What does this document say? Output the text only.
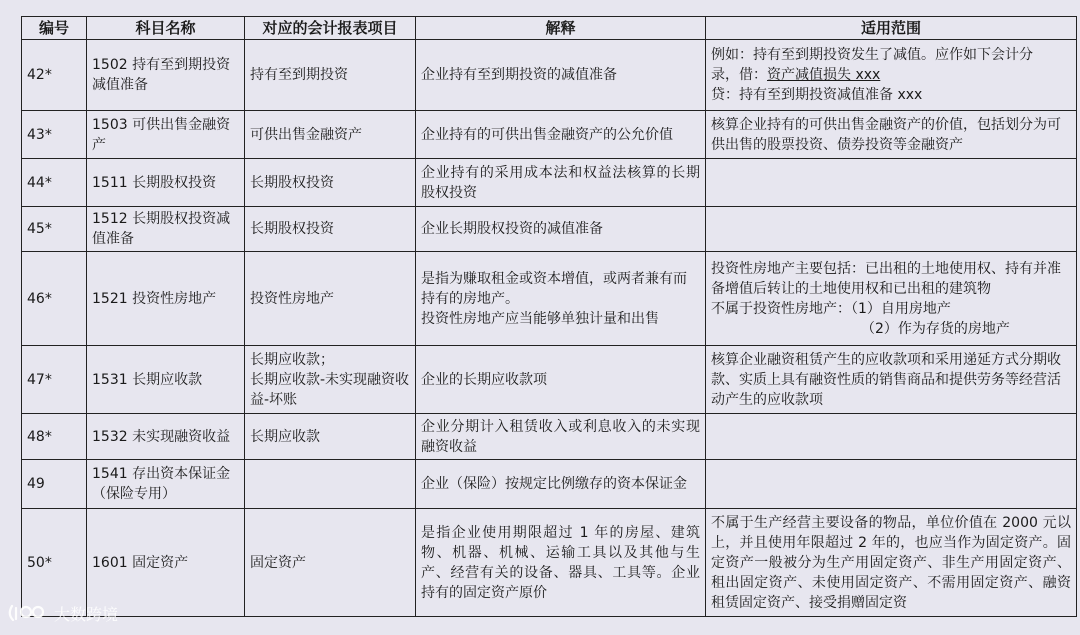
编号	科目名称	对应的会计报表项目	解释	适用范围
42*	1502 持有至到期投资减值准备	持有至到期投资	企业持有至到期投资的减值准备	例如：持有至到期投资发生了减值。应作如下会计分
录，借：资产减值损失 xxx
贷：持有至到期投资减值准备 xxx

43*	1503 可供出售金融资产	可供出售金融资产	企业持有的可供出售金融资产的公允价值	核算企业持有的可供出售金融资产的价值，包括划分为可供出售的股票投资、债券投资等金融资产
44*	1511 长期股权投资	长期股权投资	企业持有的采用成本法和权益法核算的长期股权投资	
45*	1512 长期股权投资减值准备	长期股权投资	企业长期股权投资的减值准备	
46*	1521 投资性房地产	投资性房地产	是指为赚取租金或资本增值，或两者兼有而持有的房地产。
投资性房地产应当能够单独计量和出售	投资性房地产主要包括：已出租的土地使用权、持有并准备增值后转让的土地使用权和已出租的建筑物
不属于投资性房地产：（1）自用房地产
（2）作为存货的房地产

47*	1531 长期应收款	长期应收款；
长期应收款-未实现融资收益-坏账	企业的长期应收款项	核算企业融资租赁产生的应收款项和采用递延方式分期收款、实质上具有融资性质的销售商品和提供劳务等经营活动产生的应收款项
48*	1532 未实现融资收益	长期应收款	企业分期计入租赁收入或利息收入的未实现融资收益	
49	1541 存出资本保证金（保险专用）		企业（保险）按规定比例缴存的资本保证金	
50*	1601 固定资产	固定资产	是指企业使用期限超过 1 年的房屋、建筑物、机器、机械、运输工具以及其他与生产、经营有关的设备、器具、工具等。企业持有的固定资产原价	不属于生产经营主要设备的物品，单位价值在 2000 元以上，并且使用年限超过 2 年的，也应当作为固定资产。固定资产一般被分为生产用固定资产、非生产用固定资产、租出固定资产、未使用固定资产、不需用固定资产、融资租赁固定资产、接受捐赠固定资
大数跨境
